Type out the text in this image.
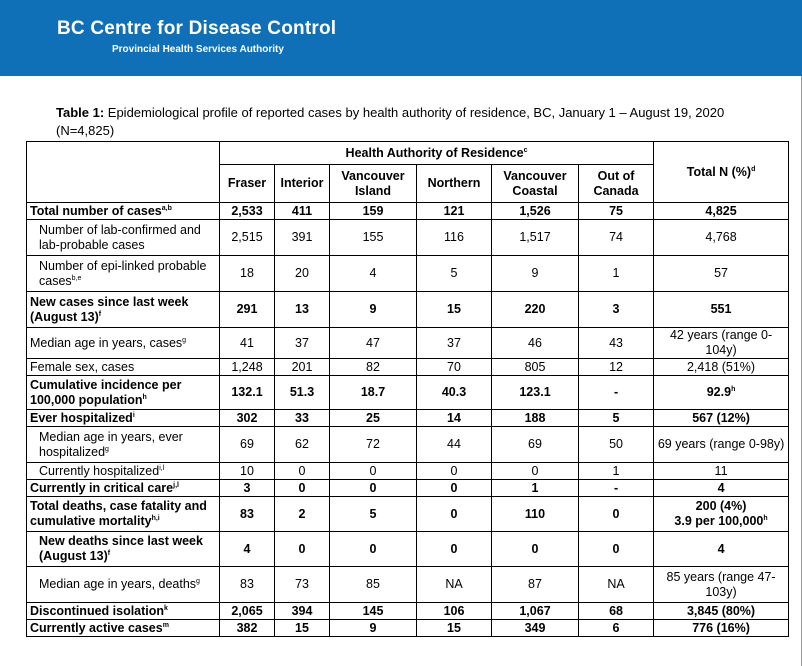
BC Centre for Disease Control
Provincial Health Services Authority
Table 1: Epidemiological profile of reported cases by health authority of residence, BC, January 1 – August 19, 2020
(N=4,825)
	Health Authority of Residence$^c$						Total N (%)$^d$
	Fraser	Interior	Vancouver Island	Northern	Vancouver Coastal	Out of Canada	
Total number of cases$^{a,b}$	2,533	411	159	121	1,526	75	4,825
Number of lab-confirmed and lab-probable cases	2,515	391	155	116	1,517	74	4,768
Number of epi-linked probable cases$^{b,e}$	18	20	4	5	9	1	57
New cases since last week (August 13)$^f$	291	13	9	15	220	3	551
Median age in years, cases$^g$	41	37	47	37	46	43	42 years (range 0-104y)
Female sex, cases	1,248	201	82	70	805	12	2,418 (51%)
Cumulative incidence per 100,000 population$^h$	132.1	51.3	18.7	40.3	123.1	-	92.9$^h$
Ever hospitalized$^i$	302	33	25	14	188	5	567 (12%)
Median age in years, ever hospitalized$^g$	69	62	72	44	69	50	69 years (range 0-98y)
Currently hospitalized$^{i,l}$	10	0	0	0	0	1	11
Currently in critical care$^{j,l}$	3	0	0	0	1	-	4
Total deaths, case fatality and cumulative mortality$^{h,i}$	83	2	5	0	110	0	200 (4%)
3.9 per 100,000$^h$
New deaths since last week (August 13)$^f$	4	0	0	0	0	0	4
Median age in years, deaths$^g$	83	73	85	NA	87	NA	85 years (range 47-103y)
Discontinued isolation$^k$	2,065	394	145	106	1,067	68	3,845 (80%)
Currently active cases$^m$	382	15	9	15	349	6	776 (16%)
